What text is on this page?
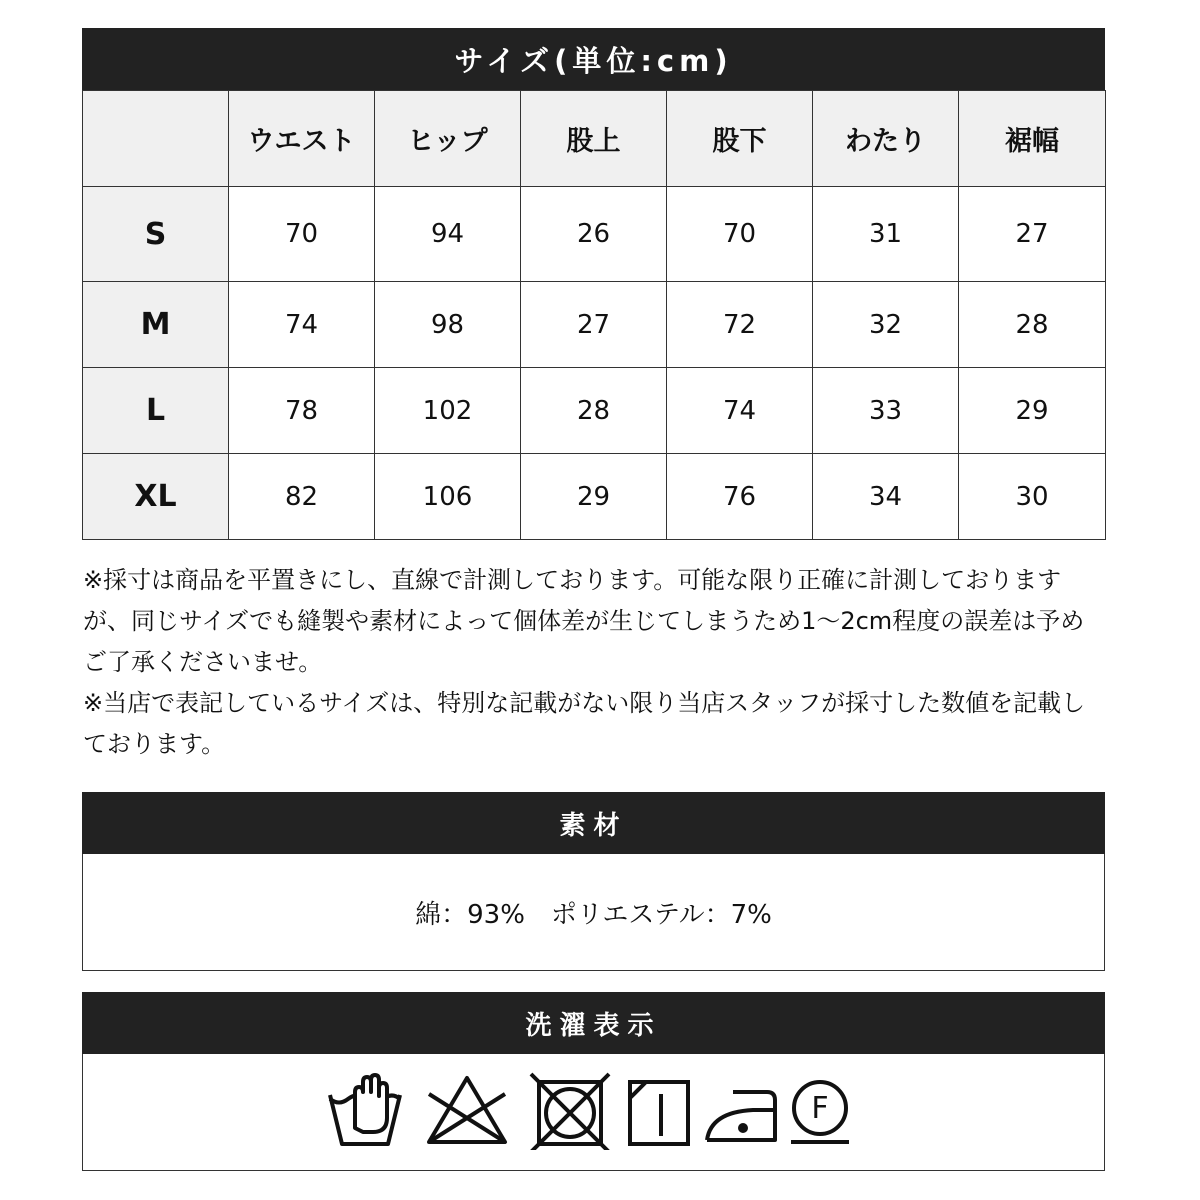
サイズ(単位:cm)
	ウエスト	ヒップ	股上	股下	わたり	裾幅
S	70	94	26	70	31	27
M	74	98	27	72	32	28
L	78	102	28	74	33	29
XL	82	106	29	76	34	30

※採寸は商品を平置きにし、直線で計測しております。可能な限り正確に計測しておりますが、同じサイズでも縫製や素材によって個体差が生じてしまうため1～2cm程度の誤差は予めご了承くださいませ。

※当店で表記しているサイズは、特別な記載がない限り当店スタッフが採寸した数値を記載しております。

素材
綿：93%　ポリエステル：7%
洗濯表示
F
